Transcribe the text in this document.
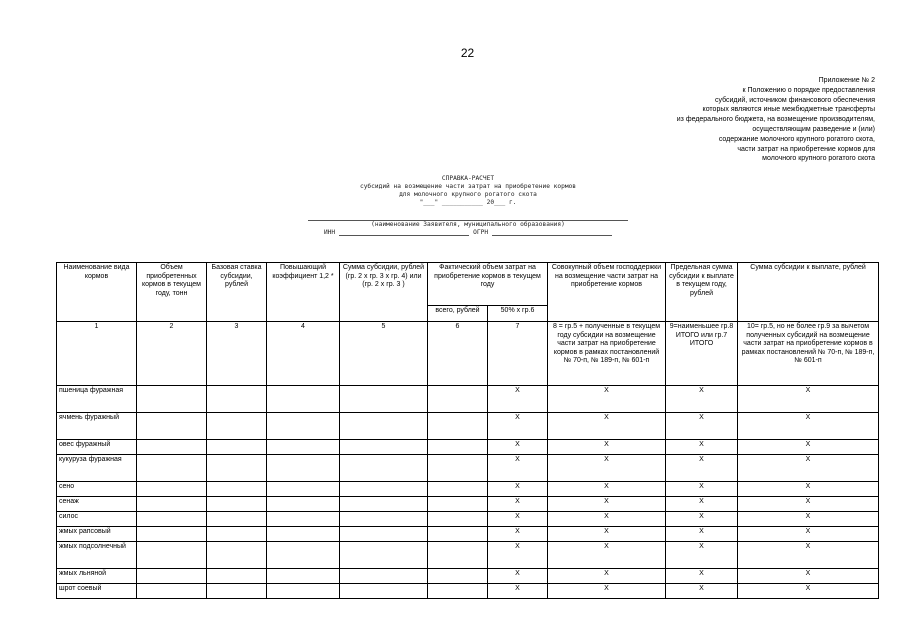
22
Приложение № 2
к Положению о порядке предоставления
субсидий, источником финансового обеспечения
которых являются иные межбюджетные трансферты
из федерального бюджета, на возмещение производителям,
осуществляющим разведение и (или)
содержание молочного крупного рогатого скота,
части затрат на приобретение кормов для
молочного крупного рогатого скота
СПРАВКА-РАСЧЕТ
субсидий на возмещение части затрат на приобретение кормов
для молочного крупного рогатого скота
"___" ___________ 20___ г.
(наименование Заявителя, муниципального образования)
ИНН	ОГРН
Наименование вида кормов	Объем приобретенных кормов в текущем году, тонн	Базовая ставка субсидии, рублей	Повышающий коэффициент 1,2 *	Сумма субсидии, рублей (гр. 2 х гр. 3 х гр. 4) или (гр. 2 х гр. 3 )	Фактический объем затрат на приобретение кормов в текущем году		Совокупный объем господдержки на возмещение части затрат на приобретение кормов	Предельная сумма субсидии к выплате в текущем году, рублей	Сумма субсидии к выплате, рублей
					всего, рублей	50% х гр.6			
1	2	3	4	5	6	7	8 = гр.5 + полученные в текущем году субсидии на возмещение части затрат на приобретение кормов в рамках постановлений № 70-п, № 189-п, № 601-п	9=наименьшее гр.8 ИТОГО или гр.7 ИТОГО	10= гр.5, но не более гр.9 за вычетом полученных субсидий на возмещение части затрат на приобретение кормов в рамках постановлений № 70-п, № 189-п, № 601-п
пшеница фуражная						X	X	X	X
ячмень фуражный						X	X	X	X
овес фуражный						X	X	X	X
кукуруза фуражная						X	X	X	X
сено						X	X	X	X
сенаж						X	X	X	X
силос						X	X	X	X
жмых рапсовый						X	X	X	X
жмых подсолнечный						X	X	X	X
жмых льняной						X	X	X	X
шрот соевый						X	X	X	X
